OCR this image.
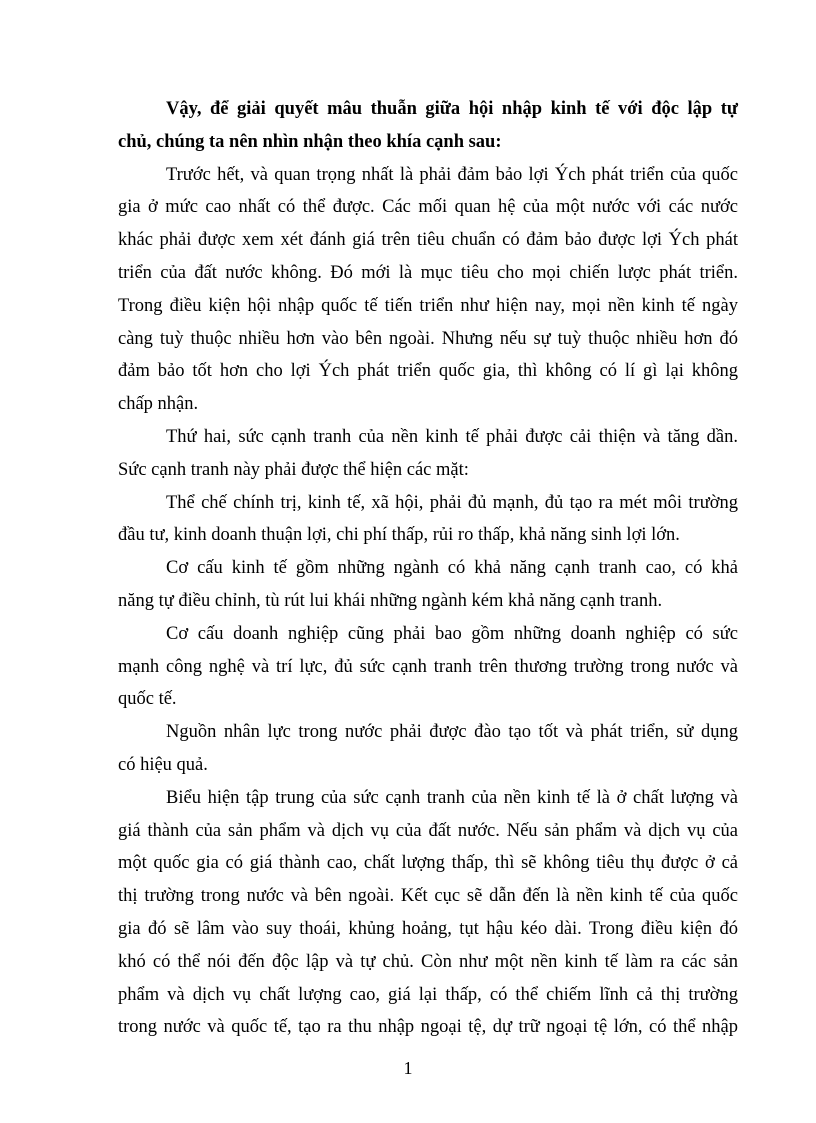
Vậy, để giải quyết mâu thuẫn giữa hội nhập kinh tế với độc lập tự
chủ, chúng ta nên nhìn nhận theo khía cạnh sau:
Trước hết, và quan trọng nhất là phải đảm bảo lợi Ých phát triển của quốc
gia ở mức cao nhất có thể được. Các mối quan hệ của một nước với các nước
khác phải được xem xét đánh giá trên tiêu chuẩn có đảm bảo được lợi Ých phát
triển của đất nước không. Đó mới là mục tiêu cho mọi chiến lược phát triển.
Trong điều kiện hội nhập quốc tế tiến triển như hiện nay, mọi nền kinh tế ngày
càng tuỳ thuộc nhiều hơn vào bên ngoài. Nhưng nếu sự tuỳ thuộc nhiều hơn đó
đảm bảo tốt hơn cho lợi Ých phát triển quốc gia, thì không có lí gì lại không
chấp nhận.
Thứ hai, sức cạnh tranh của nền kinh tế phải được cải thiện và tăng dần.
Sức cạnh tranh này phải được thể hiện các mặt:
Thể chế chính trị, kinh tế, xã hội, phải đủ mạnh, đủ tạo ra mét môi trường
đầu tư, kinh doanh thuận lợi, chi phí thấp, rủi ro thấp, khả năng sinh lợi lớn.
Cơ cấu kinh tế gồm những ngành có khả năng cạnh tranh cao, có khả
năng tự điều chỉnh, tù rút lui khái những ngành kém khả năng cạnh tranh.
Cơ cấu doanh nghiệp cũng phải bao gồm những doanh nghiệp có sức
mạnh công nghệ và trí lực, đủ sức cạnh tranh trên thương trường trong nước và
quốc tế.
Nguồn nhân lực trong nước phải được đào tạo tốt và phát triển, sử dụng
có hiệu quả.
Biểu hiện tập trung của sức cạnh tranh của nền kinh tế là ở chất lượng và
giá thành của sản phẩm và dịch vụ của đất nước. Nếu sản phẩm và dịch vụ của
một quốc gia có giá thành cao, chất lượng thấp, thì sẽ không tiêu thụ được ở cả
thị trường trong nước và bên ngoài. Kết cục sẽ dẫn đến là nền kinh tế của quốc
gia đó sẽ lâm vào suy thoái, khủng hoảng, tụt hậu kéo dài. Trong điều kiện đó
khó có thể nói đến độc lập và tự chủ. Còn như một nền kinh tế làm ra các sản
phẩm và dịch vụ chất lượng cao, giá lại thấp, có thể chiếm lĩnh cả thị trường
trong nước và quốc tế, tạo ra thu nhập ngoại tệ, dự trữ ngoại tệ lớn, có thể nhập
1
